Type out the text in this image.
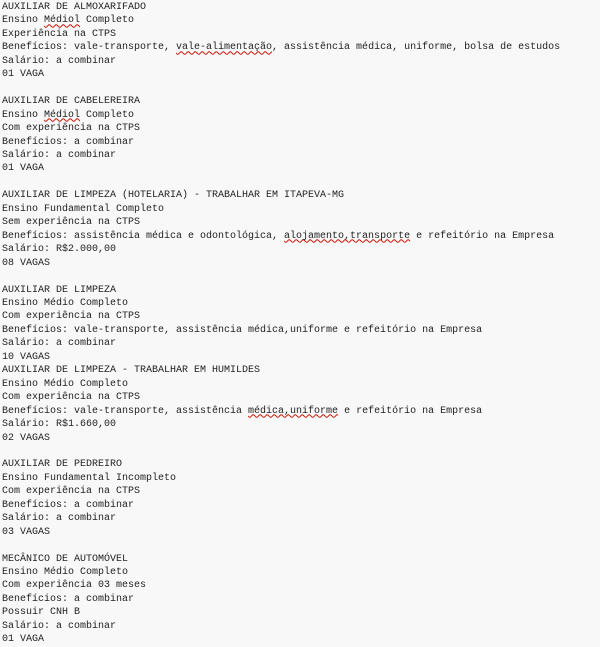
AUXILIAR DE ALMOXARIFADO
Ensino Médiol Completo
Experiência na CTPS
Benefícios: vale-transporte, vale-alimentação, assistência médica, uniforme, bolsa de estudos
Salário: a combinar
01 VAGA
AUXILIAR DE CABELEREIRA
Ensino Médiol Completo
Com experiência na CTPS
Benefícios: a combinar
Salário: a combinar
01 VAGA
AUXILIAR DE LIMPEZA (HOTELARIA) - TRABALHAR EM ITAPEVA-MG
Ensino Fundamental Completo
Sem experiência na CTPS
Benefícios: assistência médica e odontológica, alojamento,transporte e refeitório na Empresa
Salário: R$2.000,00
08 VAGAS
AUXILIAR DE LIMPEZA
Ensino Médio Completo
Com experiência na CTPS
Benefícios: vale-transporte, assistência médica,uniforme e refeitório na Empresa
Salário: a combinar
10 VAGAS
AUXILIAR DE LIMPEZA - TRABALHAR EM HUMILDES
Ensino Médio Completo
Com experiência na CTPS
Benefícios: vale-transporte, assistência médica,uniforme e refeitório na Empresa
Salário: R$1.660,00
02 VAGAS
AUXILIAR DE PEDREIRO
Ensino Fundamental Incompleto
Com experiência na CTPS
Benefícios: a combinar
Salário: a combinar
03 VAGAS
MECÂNICO DE AUTOMÓVEL
Ensino Médio Completo
Com experiência 03 meses
Benefícios: a combinar
Possuir CNH B
Salário: a combinar
01 VAGA
